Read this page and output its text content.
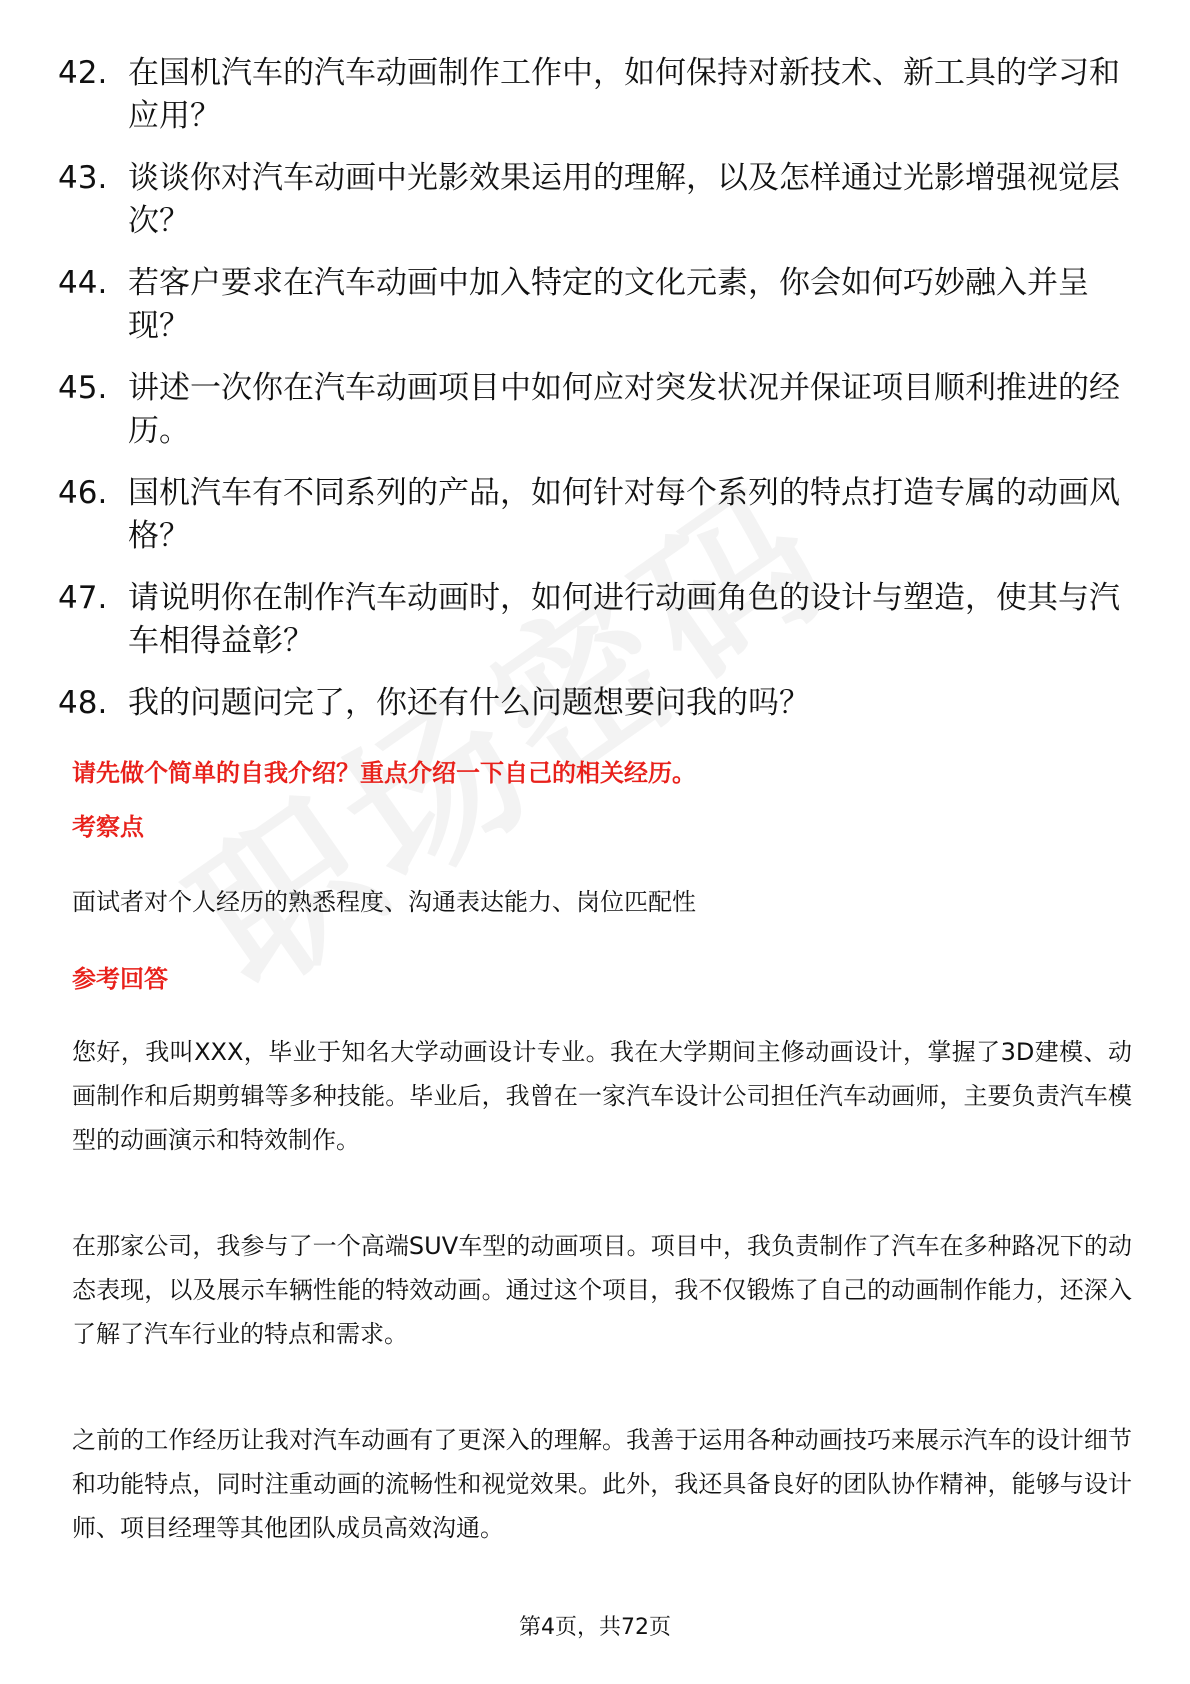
42. 在国机汽车的汽车动画制作工作中，如何保持对新技术、新工具的学习和应用？
43. 谈谈你对汽车动画中光影效果运用的理解，以及怎样通过光影增强视觉层次？
44. 若客户要求在汽车动画中加入特定的文化元素，你会如何巧妙融入并呈现？
45. 讲述一次你在汽车动画项目中如何应对突发状况并保证项目顺利推进的经历。
46. 国机汽车有不同系列的产品，如何针对每个系列的特点打造专属的动画风格？
47. 请说明你在制作汽车动画时，如何进行动画角色的设计与塑造，使其与汽车相得益彰？
48. 我的问题问完了，你还有什么问题想要问我的吗？
请先做个简单的自我介绍？重点介绍一下自己的相关经历。
考察点
面试者对个人经历的熟悉程度、沟通表达能力、岗位匹配性
参考回答
您好，我叫XXX，毕业于知名大学动画设计专业。我在大学期间主修动画设计，掌握了3D建模、动画制作和后期剪辑等多种技能。毕业后，我曾在一家汽车设计公司担任汽车动画师，主要负责汽车模型的动画演示和特效制作。
在那家公司，我参与了一个高端SUV车型的动画项目。项目中，我负责制作了汽车在多种路况下的动态表现，以及展示车辆性能的特效动画。通过这个项目，我不仅锻炼了自己的动画制作能力，还深入了解了汽车行业的特点和需求。
之前的工作经历让我对汽车动画有了更深入的理解。我善于运用各种动画技巧来展示汽车的设计细节和功能特点，同时注重动画的流畅性和视觉效果。此外，我还具备良好的团队协作精神，能够与设计师、项目经理等其他团队成员高效沟通。
第4页，共72页
